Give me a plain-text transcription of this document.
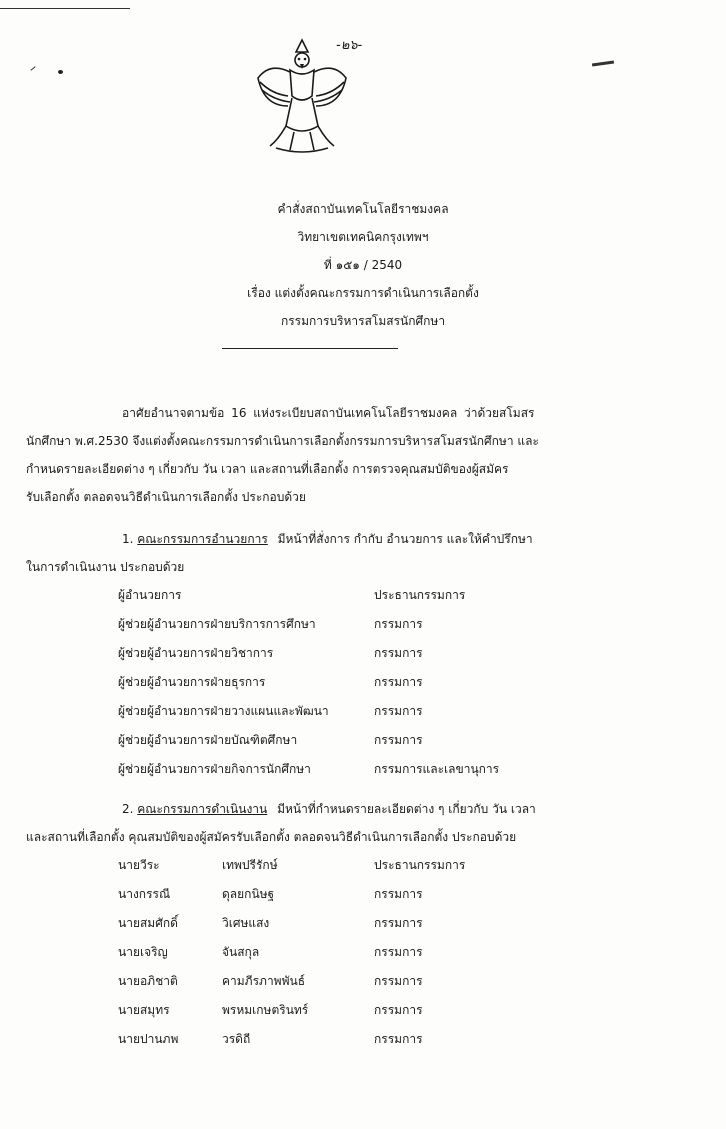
-๒๖-
คำสั่งสถาบันเทคโนโลยีราชมงคล
วิทยาเขตเทคนิคกรุงเทพฯ
ที่ ๑๕๑ / 2540
เรื่อง แต่งตั้งคณะกรรมการดำเนินการเลือกตั้ง
กรรมการบริหารสโมสรนักศึกษา
อาศัยอำนาจตามข้อ 16 แห่งระเบียบสถาบันเทคโนโลยีราชมงคล ว่าด้วยสโมสร
นักศึกษา พ.ศ.2530 จึงแต่งตั้งคณะกรรมการดำเนินการเลือกตั้งกรรมการบริหารสโมสรนักศึกษา และ
กำหนดรายละเอียดต่าง ๆ เกี่ยวกับ วัน เวลา และสถานที่เลือกตั้ง การตรวจคุณสมบัติของผู้สมัคร
รับเลือกตั้ง ตลอดจนวิธีดำเนินการเลือกตั้ง ประกอบด้วย
1. คณะกรรมการอำนวยการ มีหน้าที่สั่งการ กำกับ อำนวยการ และให้คำปรึกษา
ในการดำเนินงาน ประกอบด้วย
ผู้อำนวยการ	ประธานกรรมการ
ผู้ช่วยผู้อำนวยการฝ่ายบริการการศึกษา	กรรมการ
ผู้ช่วยผู้อำนวยการฝ่ายวิชาการ	กรรมการ
ผู้ช่วยผู้อำนวยการฝ่ายธุรการ	กรรมการ
ผู้ช่วยผู้อำนวยการฝ่ายวางแผนและพัฒนา	กรรมการ
ผู้ช่วยผู้อำนวยการฝ่ายบัณฑิตศึกษา	กรรมการ
ผู้ช่วยผู้อำนวยการฝ่ายกิจการนักศึกษา	กรรมการและเลขานุการ
2. คณะกรรมการดำเนินงาน มีหน้าที่กำหนดรายละเอียดต่าง ๆ เกี่ยวกับ วัน เวลา
และสถานที่เลือกตั้ง คุณสมบัติของผู้สมัครรับเลือกตั้ง ตลอดจนวิธีดำเนินการเลือกตั้ง ประกอบด้วย
นายวีระ	เทพปรีรักษ์	ประธานกรรมการ
นางกรรณี	ดุลยกนิษฐ	กรรมการ
นายสมศักดิ์	วิเศษแสง	กรรมการ
นายเจริญ	จันสกุล	กรรมการ
นายอภิชาติ	คามภีรภาพพันธ์	กรรมการ
นายสมุทร	พรหมเกษตรินทร์	กรรมการ
นายปานภพ	วรดิถี	กรรมการ
